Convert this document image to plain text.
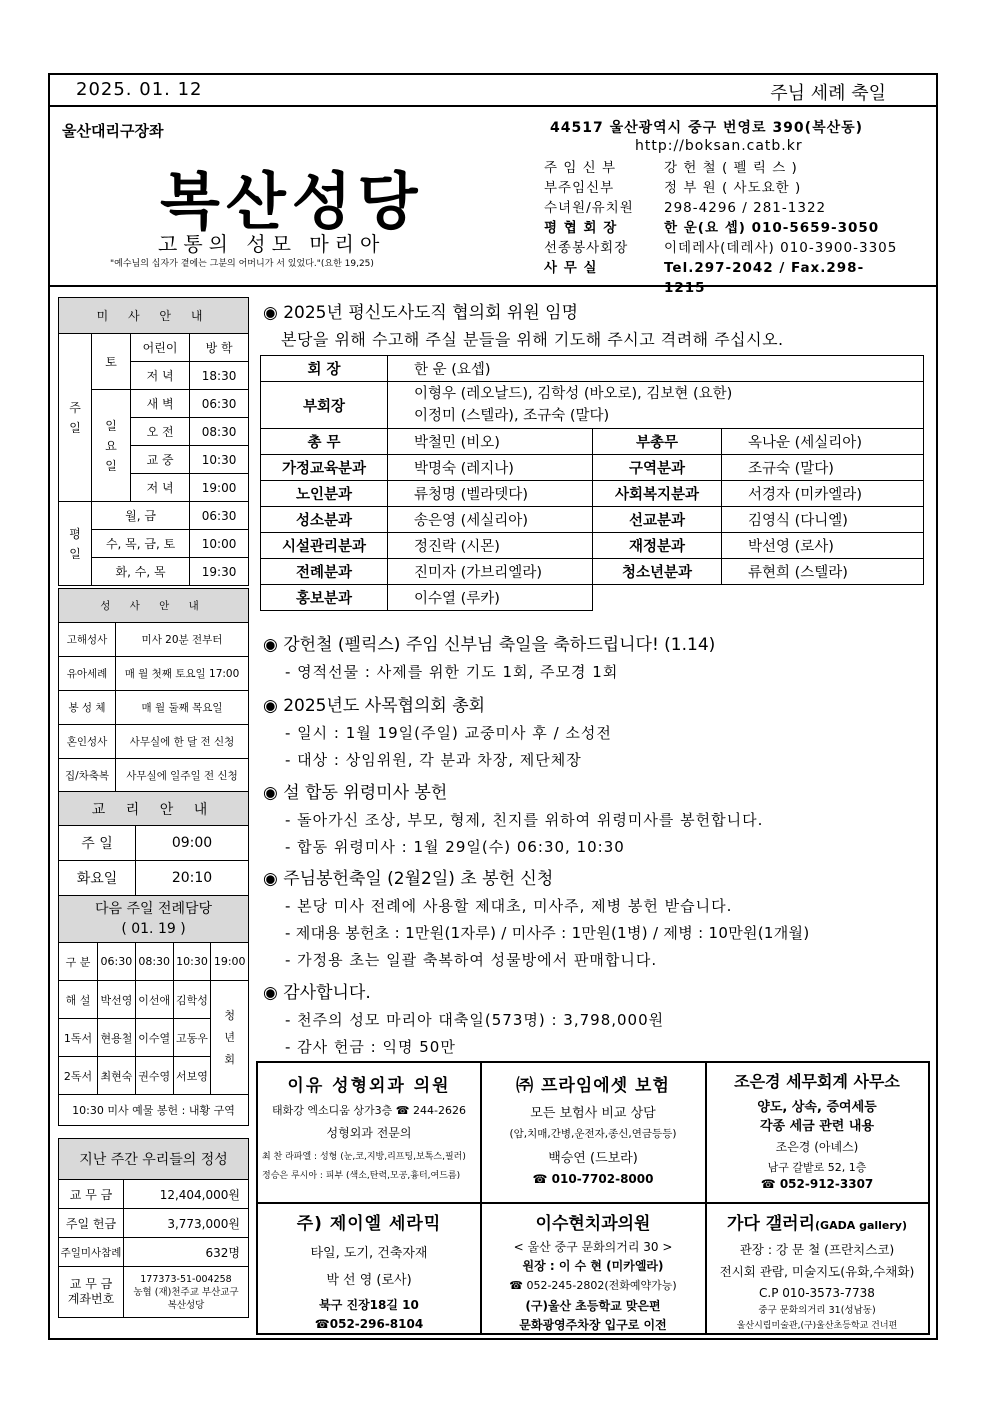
2025. 01. 12	주님 세례 축일
울산대리구장좌
복산성당
고통의 성모 마리아
"예수님의 십자가 곁에는 그분의 어머니가 서 있었다."(요한 19,25)
44517 울산광역시 중구 번영로 390(복산동)
http://boksan.catb.kr
주 임 신 부	강 헌 철 ( 펠 릭 스 )
부주임신부	정 부 원 ( 사도요한 )
수녀원/유치원	298-4296 / 281-1322
평 협 회 장	한 운(요 셉) 010-5659-3050
선종봉사회장	이데레사(데레사) 010-3900-3305
사 무 실	Tel.297-2042 / Fax.298-1215
미 사 안 내			

주일	토	어린이	방 학
		저 녁	18:30

	일요일	새 벽	06:30
		오 전	08:30
		교 중	10:30
		저 녁	19:00

평일	월, 금		06:30
	수, 목, 금, 토		10:00
	화, 수, 목		19:30
성 사 안 내	
고해성사	미사 20분 전부터
유아세례	매 월 첫째 토요일 17:00
봉 성 체	매 월 둘째 목요일
혼인성사	사무실에 한 달 전 신청
집/차축복	사무실에 일주일 전 신청
교 리 안 내	
주 일	09:00
화요일	20:10
다음 주일 전례담당
( 01. 19 )				

구 분	06:30	08:30	10:30	19:00
해 설	박선영	이선애	김학성	청년회

1독서	현용철	이수열	고동우	
2독서	최현숙	권수영	서보영	
10:30 미사 예물 봉헌 : 내황 구역				
지난 주간 우리들의 정성	
교 무 금	12,404,000원
주일 헌금	3,773,000원
주일미사참례	632명
교 무 금
계좌번호	177373-51-004258
농협 (재)천주교 부산교구
복산성당
◉ 2025년 평신도사도직 협의회 위원 임명
본당을 위해 수고해 주실 분들을 위해 기도해 주시고 격려해 주십시오.
회 장	한 운 (요셉)		
부회장	이형우 (레오날드), 김학성 (바오로), 김보현 (요한)
이정미 (스텔라), 조규숙 (말다)		

총 무	박철민 (비오)	부총무	옥나운 (세실리아)
가정교육분과	박명숙 (레지나)	구역분과	조규숙 (말다)
노인분과	류청명 (벨라뎃다)	사회복지분과	서경자 (미카엘라)
성소분과	송은영 (세실리아)	선교분과	김영식 (다니엘)
시설관리분과	정진락 (시몬)	재정분과	박선영 (로사)
전례분과	진미자 (가브리엘라)	청소년분과	류현희 (스텔라)
홍보분과	이수열 (루카)		
◉ 강헌철 (펠릭스) 주임 신부님 축일을 축하드립니다! (1.14)
- 영적선물 : 사제를 위한 기도 1회, 주모경 1회
◉ 2025년도 사목협의회 총회
- 일시 : 1월 19일(주일) 교중미사 후 / 소성전
- 대상 : 상임위원, 각 분과 차장, 제단체장
◉ 설 합동 위령미사 봉헌
- 돌아가신 조상, 부모, 형제, 친지를 위하여 위령미사를 봉헌합니다.
- 합동 위령미사 : 1월 29일(수) 06:30, 10:30
◉ 주님봉헌축일 (2월2일) 초 봉헌 신청
- 본당 미사 전례에 사용할 제대초, 미사주, 제병 봉헌 받습니다.
- 제대용 봉헌초 : 1만원(1자루) / 미사주 : 1만원(1병) / 제병 : 10만원(1개월)
- 가정용 초는 일괄 축복하여 성물방에서 판매합니다.
◉ 감사합니다.
- 천주의 성모 마리아 대축일(573명) : 3,798,000원
- 감사 헌금 : 익명 50만
이유 성형외과 의원
태화강 엑소디움 상가3층 ☎ 244-2626
성형외과 전문의
최 찬 라파엘 : 성형 (눈,코,지방,리프팅,보톡스,필러)
정승은 루시아 : 피부 (색소,탄력,모공,흉터,여드름)
㈜ 프라임에셋 보험
모든 보험사 비교 상담
(암,치매,간병,운전자,종신,연금등등)
백승연 (드보라)
☎ 010-7702-8000
조은경 세무회계 사무소
양도, 상속, 증여세등
각종 세금 관련 내용
조은경 (아녜스)
남구 갈밭로 52, 1층
☎ 052-912-3307
주) 제이엘 세라믹
타일, 도기, 건축자재
박 선 영 (로사)
북구 진장18길 10
☎052-296-8104
이수현치과의원
< 울산 중구 문화의거리 30 >
원장 : 이 수 현 (미카엘라)
☎ 052-245-2802(전화예약가능)
(구)울산 초등학교 맞은편
문화광영주차장 입구로 이전
가다 갤러리(GADA gallery)
관장 : 강 문 철 (프란치스코)
전시회 관람, 미술지도(유화,수채화)
C.P 010-3573-7738
중구 문화의거리 31(성남동)
울산시립미술관,(구)울산초등학교 건너편
